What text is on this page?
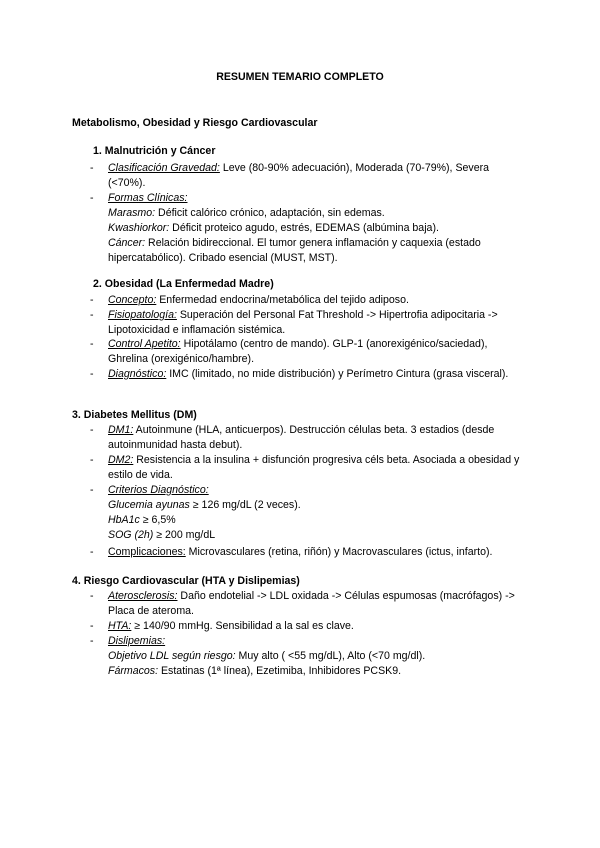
RESUMEN TEMARIO COMPLETO
Metabolismo, Obesidad y Riesgo Cardiovascular
1. Malnutrición y Cáncer
- Clasificación Gravedad: Leve (80-90% adecuación), Moderada (70-79%), Severa (<70%).
- Formas Clínicas:
Marasmo: Déficit calórico crónico, adaptación, sin edemas.
Kwashiorkor: Déficit proteico agudo, estrés, EDEMAS (albúmina baja).
Cáncer: Relación bidireccional. El tumor genera inflamación y caquexia (estado hipercatabólico). Cribado esencial (MUST, MST).
2. Obesidad (La Enfermedad Madre)
- Concepto: Enfermedad endocrina/metabólica del tejido adiposo.
- Fisiopatología: Superación del Personal Fat Threshold -> Hipertrofia adipocitaria -> Lipotoxicidad e inflamación sistémica.
- Control Apetito: Hipotálamo (centro de mando). GLP-1 (anorexigénico/saciedad), Ghrelina (orexigénico/hambre).
- Diagnóstico: IMC (limitado, no mide distribución) y Perímetro Cintura (grasa visceral).
3. Diabetes Mellitus (DM)
- DM1: Autoinmune (HLA, anticuerpos). Destrucción células beta. 3 estadios (desde autoinmunidad hasta debut).
- DM2: Resistencia a la insulina + disfunción progresiva céls beta. Asociada a obesidad y estilo de vida.
- Criterios Diagnóstico:
Glucemia ayunas ≥ 126 mg/dL (2 veces).
HbA1c ≥ 6,5%
SOG (2h) ≥ 200 mg/dL
- Complicaciones: Microvasculares (retina, riñón) y Macrovasculares (ictus, infarto).
4. Riesgo Cardiovascular (HTA y Dislipemias)
- Aterosclerosis: Daño endotelial -> LDL oxidada -> Células espumosas (macrófagos) -> Placa de ateroma.
- HTA: ≥ 140/90 mmHg. Sensibilidad a la sal es clave.
- Dislipemias:
Objetivo LDL según riesgo: Muy alto ( <55 mg/dL), Alto (<70 mg/dl).
Fármacos: Estatinas (1ª línea), Ezetimiba, Inhibidores PCSK9.
